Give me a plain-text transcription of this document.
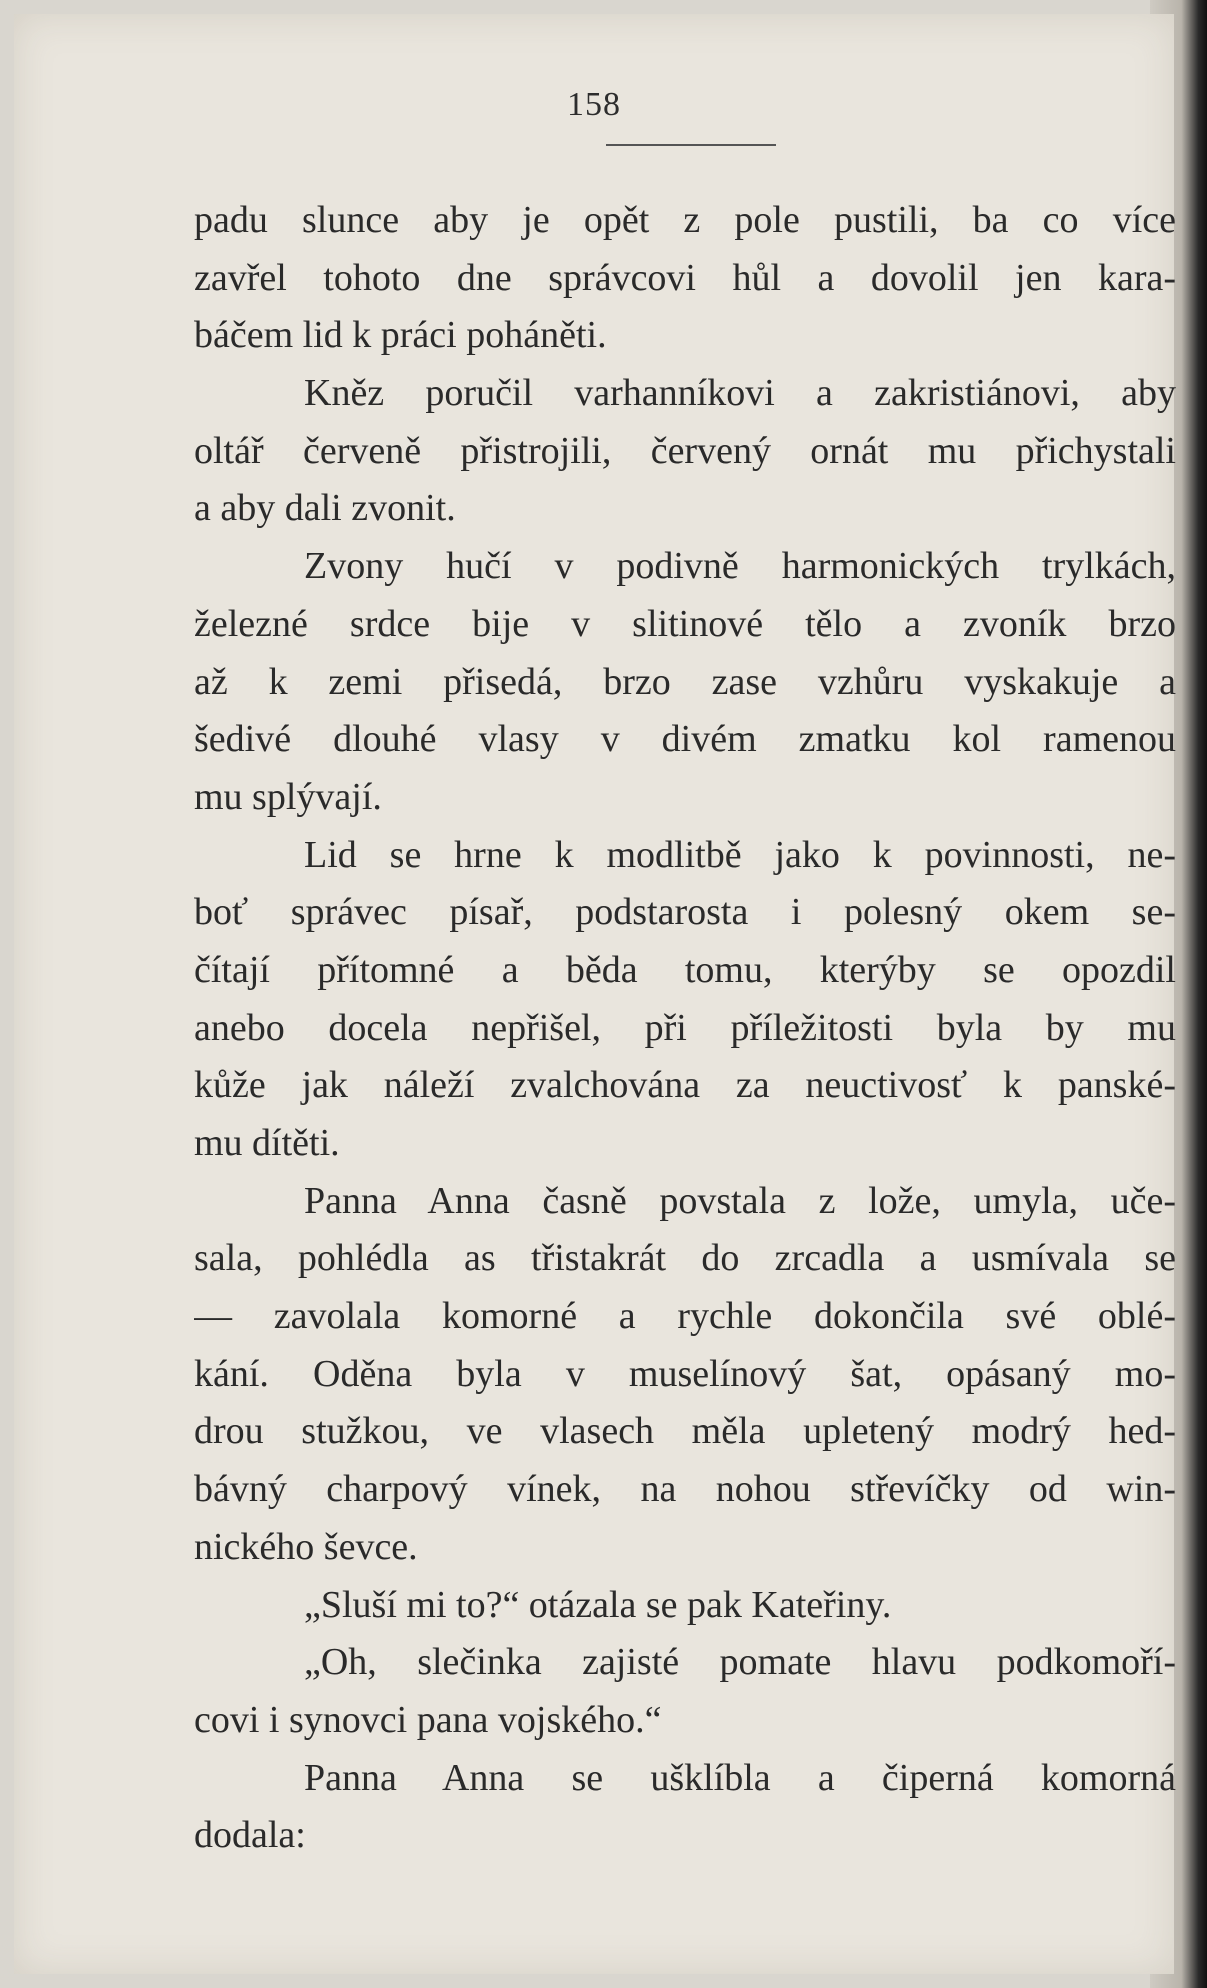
158
padu slunce aby je opět z pole pustili, ba co více
zavřel tohoto dne správcovi hůl a dovolil jen kara-
báčem lid k práci poháněti.
Kněz poručil varhanníkovi a zakristiánovi, aby
oltář červeně přistrojili, červený ornát mu přichystali
a aby dali zvonit.
Zvony hučí v podivně harmonických trylkách,
železné srdce bije v slitinové tělo a zvoník brzo
až k zemi přisedá, brzo zase vzhůru vyskakuje a
šedivé dlouhé vlasy v divém zmatku kol ramenou
mu splývají.
Lid se hrne k modlitbě jako k povinnosti, ne-
boť správec písař, podstarosta i polesný okem se-
čítají přítomné a běda tomu, kterýby se opozdil
anebo docela nepřišel, při příležitosti byla by mu
kůže jak náleží zvalchována za neuctivosť k panské-
mu dítěti.
Panna Anna časně povstala z lože, umyla, uče-
sala, pohlédla as třistakrát do zrcadla a usmívala se
— zavolala komorné a rychle dokončila své oblé-
kání. Oděna byla v muselínový šat, opásaný mo-
drou stužkou, ve vlasech měla upletený modrý hed-
bávný charpový vínek, na nohou střevíčky od win-
nického ševce.
„Sluší mi to?“ otázala se pak Kateřiny.
„Oh, slečinka zajisté pomate hlavu podkomoří-
covi i synovci pana vojského.“
Panna Anna se ušklíbla a čiperná komorná
dodala:
